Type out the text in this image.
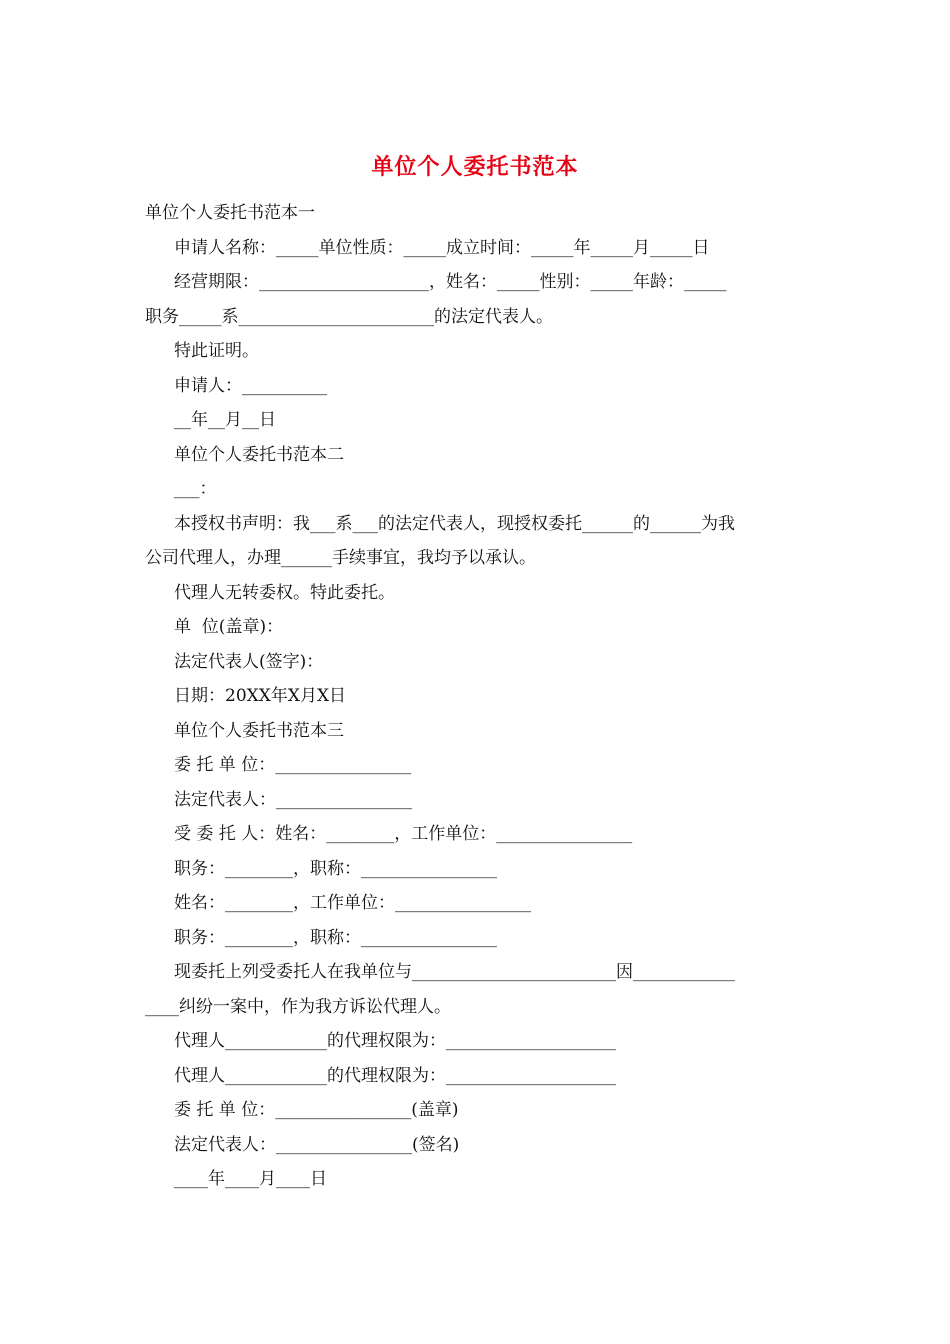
单位个人委托书范本
单位个人委托书范本一
申请人名称：_____单位性质：_____成立时间：_____年_____月_____日
经营期限：____________________，姓名：_____性别：_____年龄：_____
职务_____系_______________________的法定代表人。
特此证明。
申请人：__________
__年__月__日
单位个人委托书范本二
___：
本授权书声明：我___系___的法定代表人，现授权委托______的______为我
公司代理人，办理______手续事宜，我均予以承认。
代理人无转委权。特此委托。
单  位(盖章)：
法定代表人(签字)：
日期：20XX年X月X日
单位个人委托书范本三
委 托 单 位：________________
法定代表人：________________
受 委 托 人：姓名：________，工作单位：________________
职务：________，职称：________________
姓名：________，工作单位：________________
职务：________，职称：________________
现委托上列受委托人在我单位与________________________因____________
____纠纷一案中，作为我方诉讼代理人。
代理人____________的代理权限为：____________________
代理人____________的代理权限为：____________________
委 托 单 位：________________(盖章)
法定代表人：________________(签名)
____年____月____日
